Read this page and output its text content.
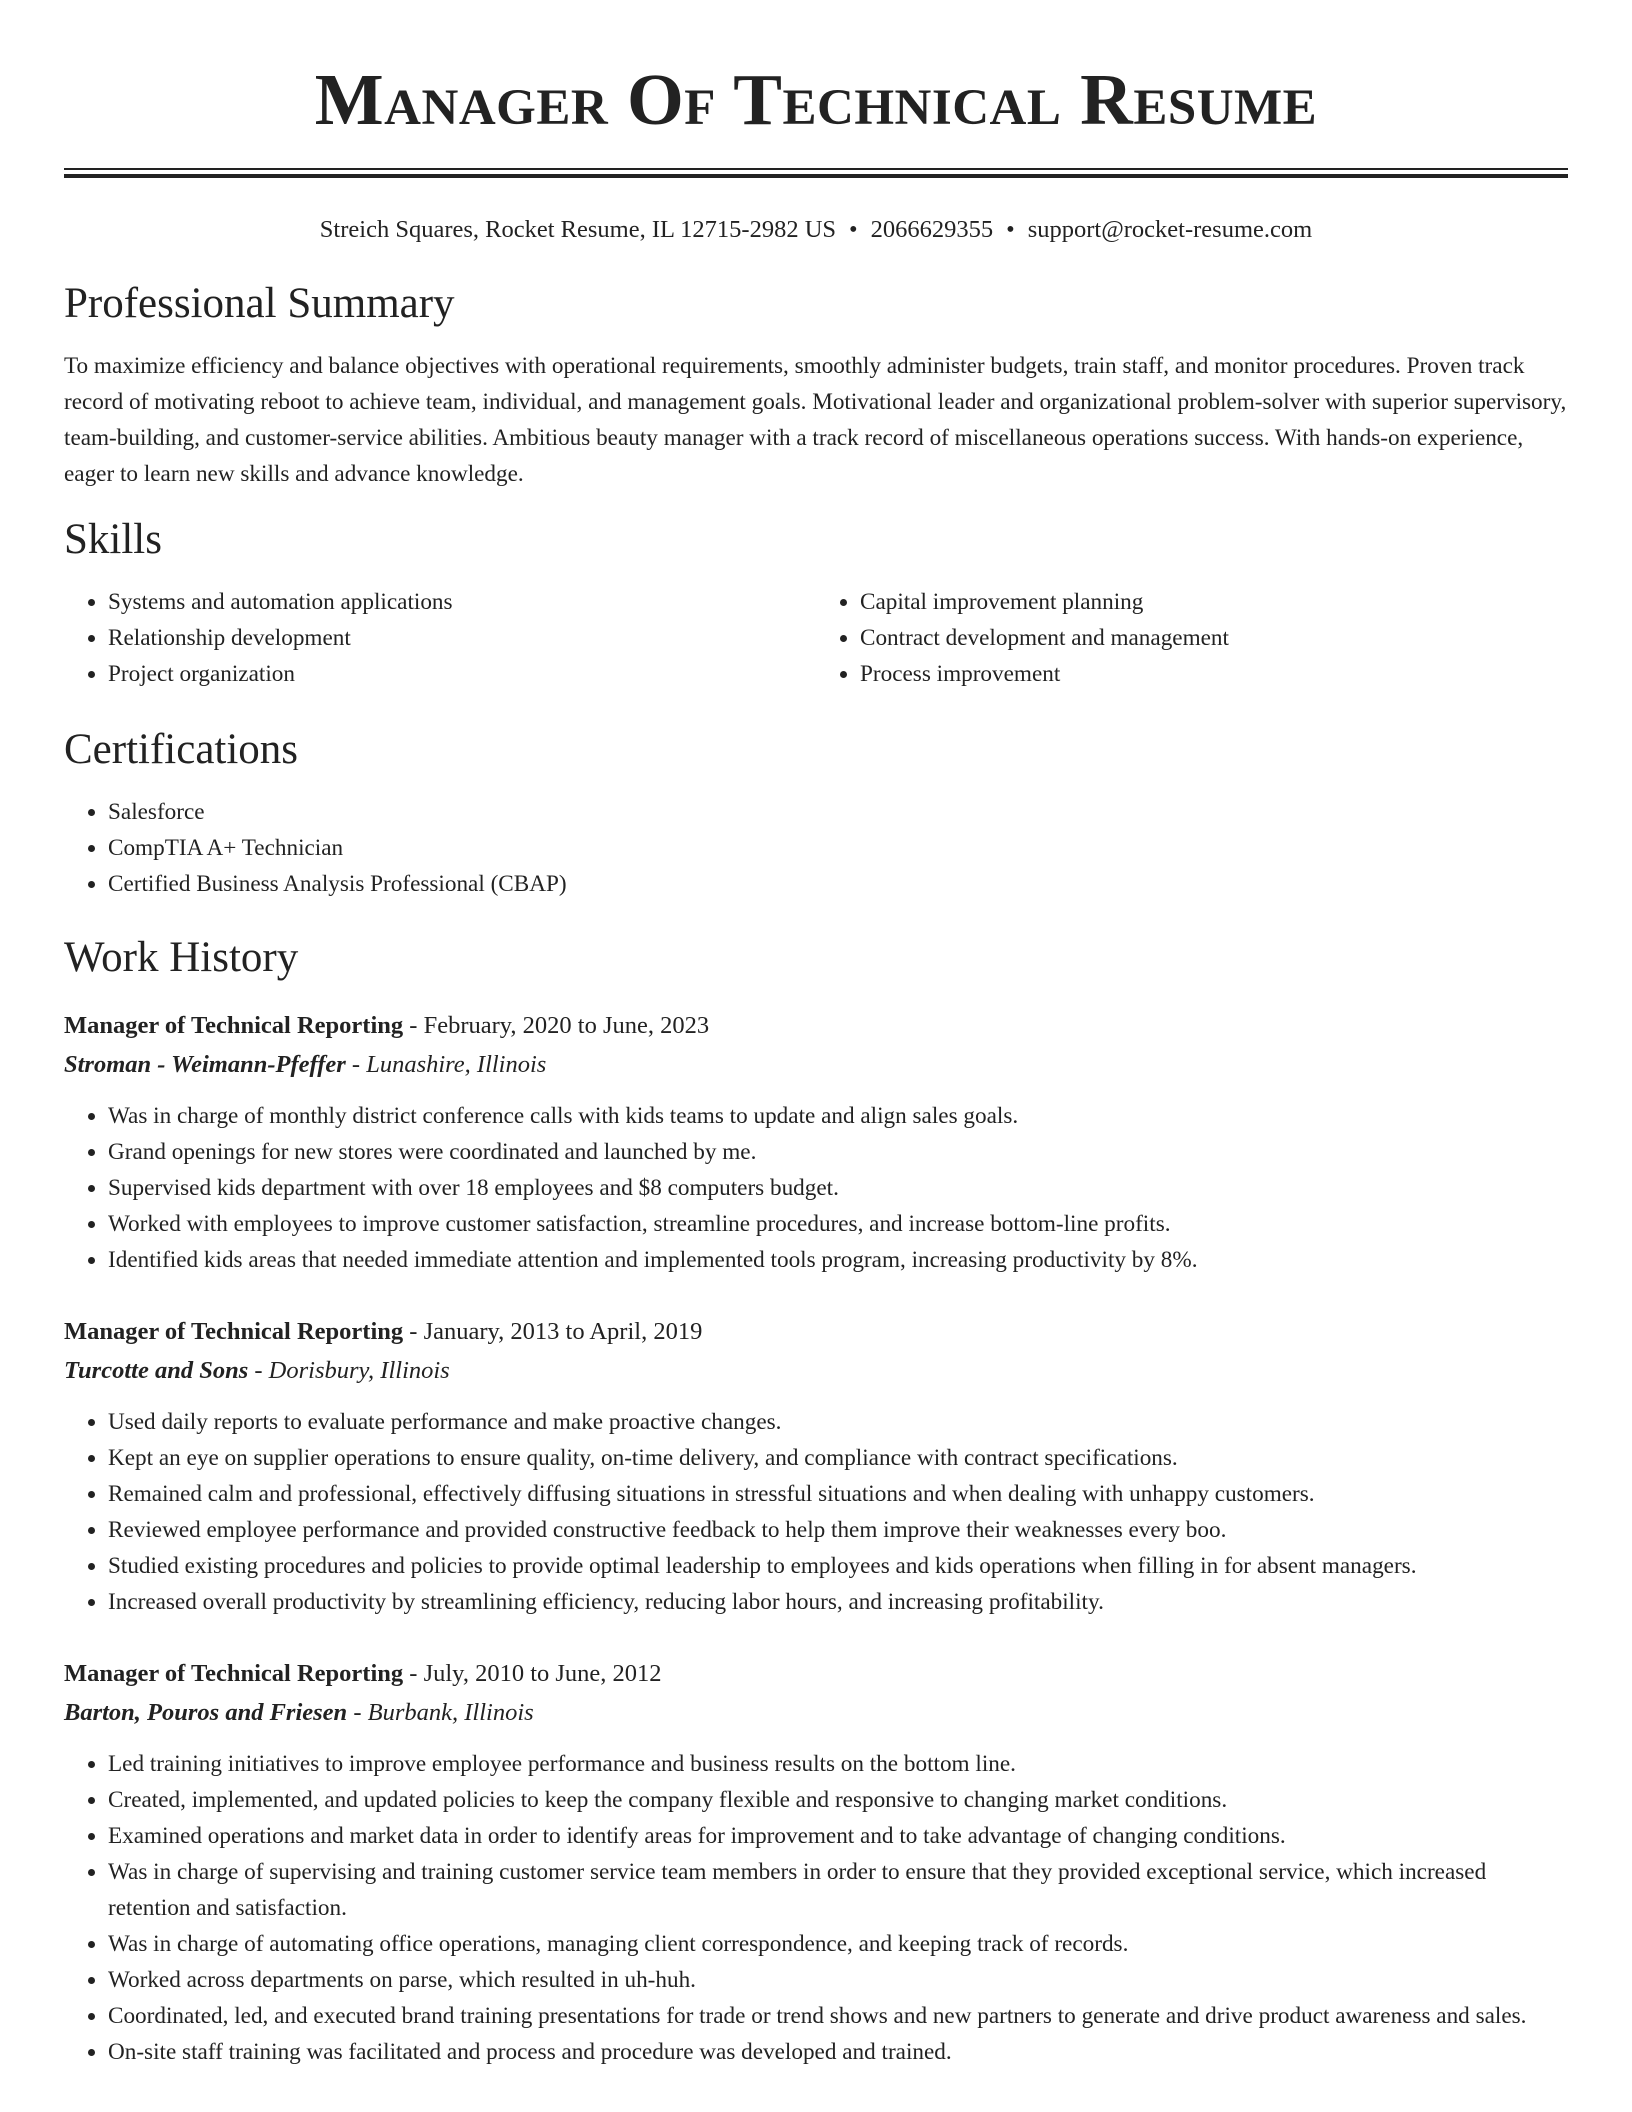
Manager Of Technical Resume
Streich Squares, Rocket Resume, IL 12715-2982 US • 2066629355 • support@rocket-resume.com
Professional Summary

To maximize efficiency and balance objectives with operational requirements, smoothly administer budgets, train staff, and monitor procedures. Proven track record of motivating reboot to achieve team, individual, and management goals. Motivational leader and organizational problem-solver with superior supervisory, team-building, and customer-service abilities. Ambitious beauty manager with a track record of miscellaneous operations success. With hands-on experience, eager to learn new skills and advance knowledge.

Skills
• Systems and automation applications
• Relationship development
• Project organization
• Capital improvement planning
• Contract development and management
• Process improvement
Certifications
• Salesforce
• CompTIA A+ Technician
• Certified Business Analysis Professional (CBAP)
Work History
Manager of Technical Reporting - February, 2020 to June, 2023
Stroman - Weimann-Pfeffer - Lunashire, Illinois
• Was in charge of monthly district conference calls with kids teams to update and align sales goals.
• Grand openings for new stores were coordinated and launched by me.
• Supervised kids department with over 18 employees and $8 computers budget.
• Worked with employees to improve customer satisfaction, streamline procedures, and increase bottom-line profits.
• Identified kids areas that needed immediate attention and implemented tools program, increasing productivity by 8%.
Manager of Technical Reporting - January, 2013 to April, 2019
Turcotte and Sons - Dorisbury, Illinois
• Used daily reports to evaluate performance and make proactive changes.
• Kept an eye on supplier operations to ensure quality, on-time delivery, and compliance with contract specifications.
• Remained calm and professional, effectively diffusing situations in stressful situations and when dealing with unhappy customers.
• Reviewed employee performance and provided constructive feedback to help them improve their weaknesses every boo.
• Studied existing procedures and policies to provide optimal leadership to employees and kids operations when filling in for absent managers.
• Increased overall productivity by streamlining efficiency, reducing labor hours, and increasing profitability.
Manager of Technical Reporting - July, 2010 to June, 2012
Barton, Pouros and Friesen - Burbank, Illinois
• Led training initiatives to improve employee performance and business results on the bottom line.
• Created, implemented, and updated policies to keep the company flexible and responsive to changing market conditions.
• Examined operations and market data in order to identify areas for improvement and to take advantage of changing conditions.
• Was in charge of supervising and training customer service team members in order to ensure that they provided exceptional service, which increased retention and satisfaction.
• Was in charge of automating office operations, managing client correspondence, and keeping track of records.
• Worked across departments on parse, which resulted in uh-huh.
• Coordinated, led, and executed brand training presentations for trade or trend shows and new partners to generate and drive product awareness and sales.
• On-site staff training was facilitated and process and procedure was developed and trained.
